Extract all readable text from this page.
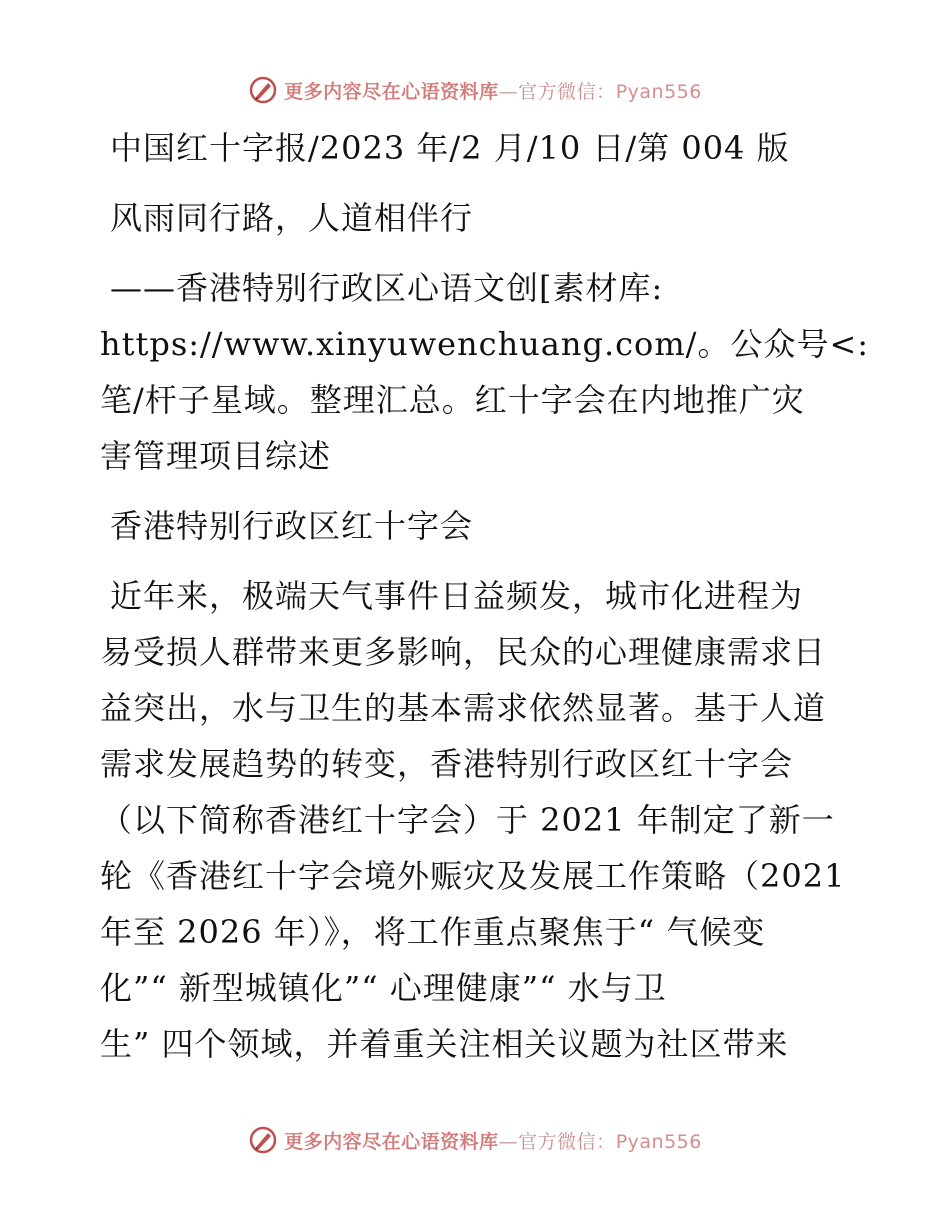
更多内容尽在心语资料库—官方微信：Pyan556

中国红十字报/2023 年/2 月/10 日/第 004 版

风雨同行路，人道相伴行

——香港特别行政区心语文创[素材库:

https://www.xinyuwenchuang.com/。公众号<:

笔/杆子星域。整理汇总。红十字会在内地推广灾

害管理项目综述

香港特别行政区红十字会

近年来，极端天气事件日益频发，城市化进程为

易受损人群带来更多影响，民众的心理健康需求日

益突出，水与卫生的基本需求依然显著。基于人道

需求发展趋势的转变，香港特别行政区红十字会

（以下简称香港红十字会）于 2021 年制定了新一

轮《香港红十字会境外赈灾及发展工作策略（2021

年至 2026 年）》，将工作重点聚焦于“ 气候变

化”“ 新型城镇化”“ 心理健康”“ 水与卫

生” 四个领域，并着重关注相关议题为社区带来

更多内容尽在心语资料库—官方微信：Pyan556
